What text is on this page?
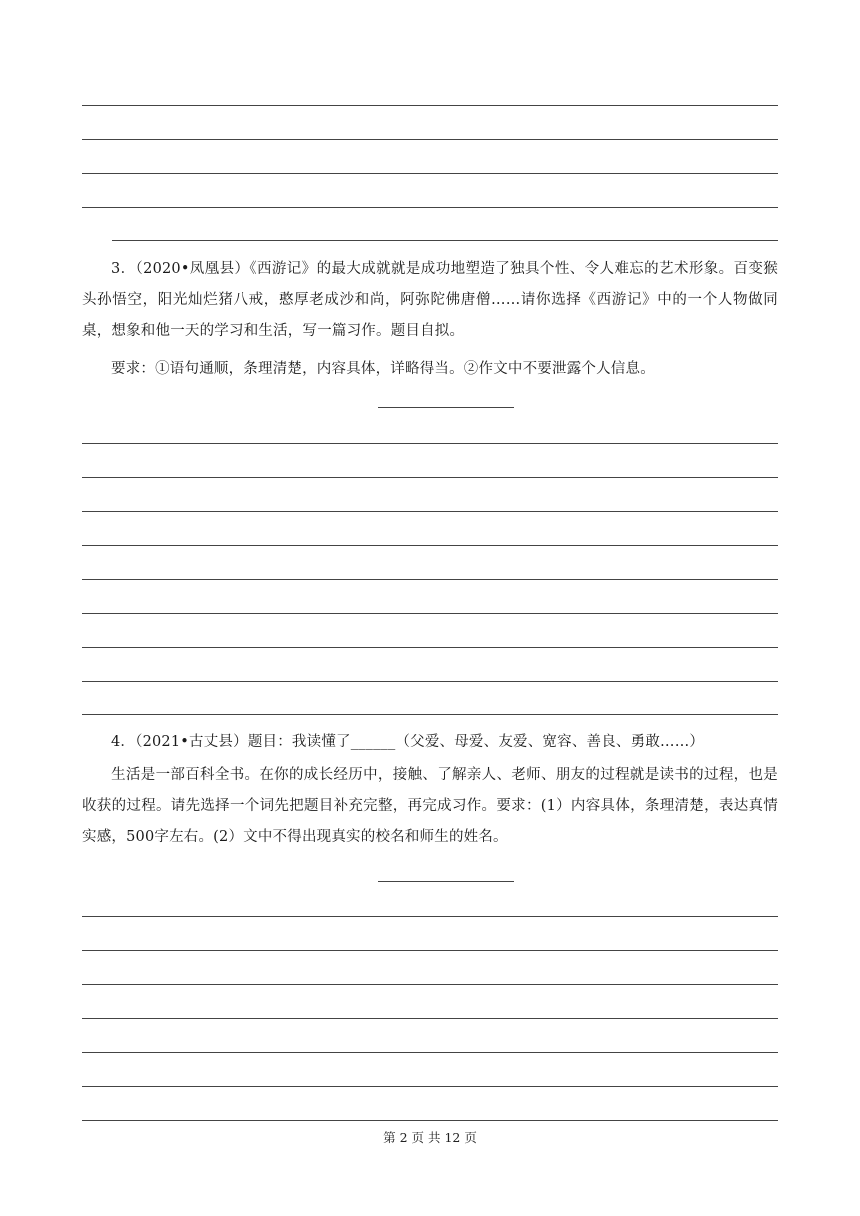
3．（2020•凤凰县）《西游记》的最大成就就是成功地塑造了独具个性、令人难忘的艺术形象。百变猴头孙悟空，阳光灿烂猪八戒，憨厚老成沙和尚，阿弥陀佛唐僧……请你选择《西游记》中的一个人物做同桌，想象和他一天的学习和生活，写一篇习作。题目自拟。
要求：①语句通顺，条理清楚，内容具体，详略得当。②作文中不要泄露个人信息。
4．（2021•古丈县）题目：我读懂了______（父爱、母爱、友爱、宽容、善良、勇敢……）
生活是一部百科全书。在你的成长经历中，接触、了解亲人、老师、朋友的过程就是读书的过程，也是收获的过程。请先选择一个词先把题目补充完整，再完成习作。要求：(1）内容具体，条理清楚，表达真情实感，500字左右。(2）文中不得出现真实的校名和师生的姓名。
第 2 页 共 12 页
